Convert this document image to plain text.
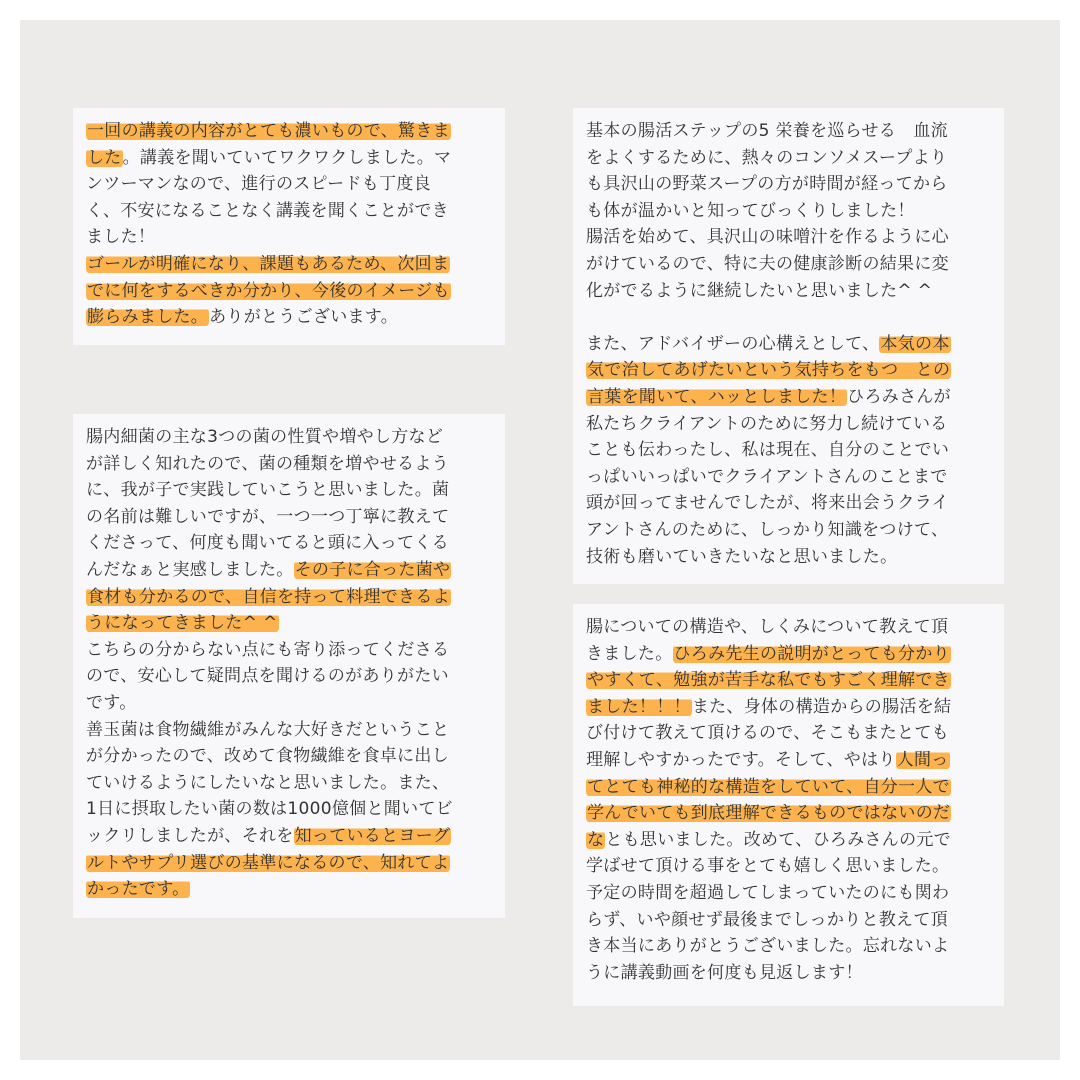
一回の講義の内容がとても濃いもので、驚きま
した。講義を聞いていてワクワクしました。マ
ンツーマンなので、進行のスピードも丁度良
く、不安になることなく講義を聞くことができ
ました！
ゴールが明確になり、課題もあるため、次回ま
でに何をするべきか分かり、今後のイメージも
膨らみました。ありがとうございます。
腸内細菌の主な3つの菌の性質や増やし方など
が詳しく知れたので、菌の種類を増やせるよう
に、我が子で実践していこうと思いました。菌
の名前は難しいですが、一つ一つ丁寧に教えて
くださって、何度も聞いてると頭に入ってくる
んだなぁと実感しました。その子に合った菌や
食材も分かるので、自信を持って料理できるよ
うになってきました^ ^
こちらの分からない点にも寄り添ってくださる
ので、安心して疑問点を聞けるのがありがたい
です。
善玉菌は食物繊維がみんな大好きだということ
が分かったので、改めて食物繊維を食卓に出し
ていけるようにしたいなと思いました。また、
1日に摂取したい菌の数は1000億個と聞いてビ
ックリしましたが、それを知っているとヨーグ
ルトやサプリ選びの基準になるので、知れてよ
かったです。
基本の腸活ステップの5 栄養を巡らせる　血流
をよくするために、熱々のコンソメスープより
も具沢山の野菜スープの方が時間が経ってから
も体が温かいと知ってびっくりしました！
腸活を始めて、具沢山の味噌汁を作るように心
がけているので、特に夫の健康診断の結果に変
化がでるように継続したいと思いました^ ^
また、アドバイザーの心構えとして、本気の本
気で治してあげたいという気持ちをもつ　との
言葉を聞いて、ハッとしました！ひろみさんが
私たちクライアントのために努力し続けている
ことも伝わったし、私は現在、自分のことでい
っぱいいっぱいでクライアントさんのことまで
頭が回ってませんでしたが、将来出会うクライ
アントさんのために、しっかり知識をつけて、
技術も磨いていきたいなと思いました。
腸についての構造や、しくみについて教えて頂
きました。ひろみ先生の説明がとっても分かり
やすくて、勉強が苦手な私でもすごく理解でき
ました！！！また、身体の構造からの腸活を結
び付けて教えて頂けるので、そこもまたとても
理解しやすかったです。そして、やはり人間っ
てとても神秘的な構造をしていて、自分一人で
学んでいても到底理解できるものではないのだ
なとも思いました。改めて、ひろみさんの元で
学ばせて頂ける事をとても嬉しく思いました。
予定の時間を超過してしまっていたのにも関わ
らず、いや顔せず最後までしっかりと教えて頂
き本当にありがとうございました。忘れないよ
うに講義動画を何度も見返します！
